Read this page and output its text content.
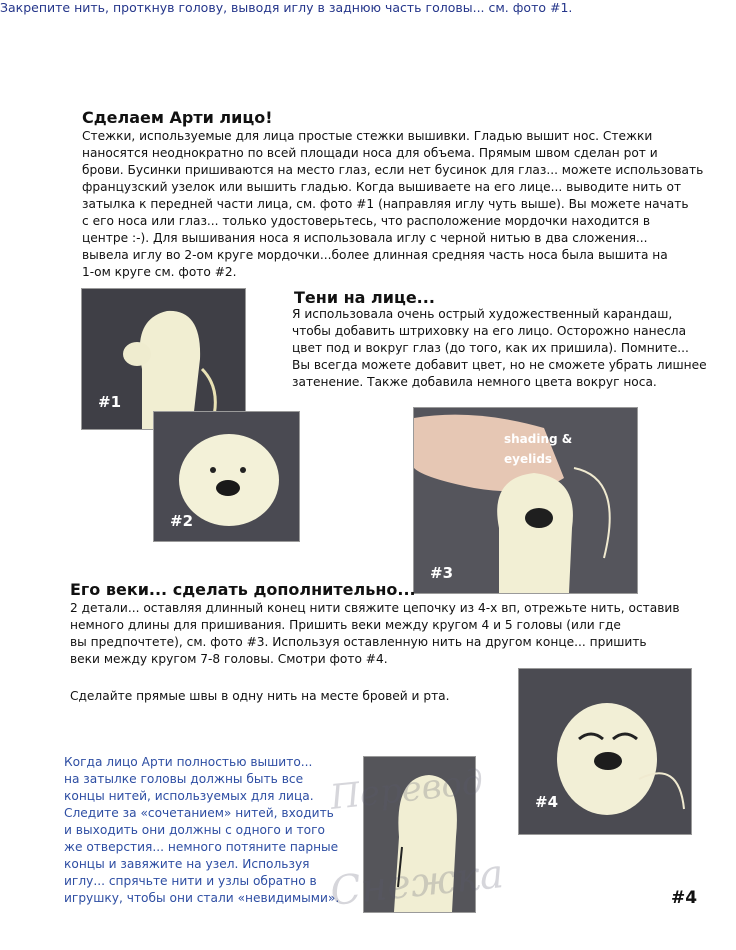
Закрепите нить, проткнув голову, выводя иглу в заднюю часть головы... см. фото #1.
Сделаем Арти лицо!
Стежки, используемые для лица простые стежки вышивки. Гладью вышит нос. Стежки
наносятся неоднократно по всей площади носа для объема. Прямым швом сделан рот и
брови. Бусинки пришиваются на место глаз, если нет бусинок для глаз... можете использовать
французский узелок или вышить гладью. Когда вышиваете на его лице... выводите нить от
затылка к передней части лица, см. фото #1 (направляя иглу чуть выше). Вы можете начать
с его носа или глаз... только удостоверьтесь, что расположение мордочки находится в
центре :-). Для вышивания носа я использовала иглу с черной нитью в два сложения...
вывела иглу во 2-ом круге мордочки...более длинная средняя часть носа была вышита на
1-ом круге см. фото #2.
#1
Тени на лице...
Я использовала очень острый художественный карандаш,
чтобы добавить штриховку на его лицо. Осторожно нанесла
цвет под и вокруг глаз (до того, как их пришила). Помните...
Вы всегда можете добавит цвет, но не сможете убрать лишнее
затенение. Также добавила немного цвета вокруг носа.
#2
shading &
eyelids
#3
Его веки... сделать дополнительно...
2 детали... оставляя длинный конец нити свяжите цепочку из 4-х вп, отрежьте нить, оставив
немного длины для пришивания. Пришить веки между кругом 4 и 5 головы (или где
вы предпочтете), см. фото #3. Используя оставленную нить на другом конце... пришить
веки между кругом 7-8 головы. Смотри фото #4.
Сделайте прямые швы в одну нить на месте бровей и рта.
#4
Когда лицо Арти полностью вышито...
на затылке головы должны быть все
концы нитей, используемых для лица.
Следите за «сочетанием» нитей, входить
и выходить они должны с одного и того
же отверстия... немного потяните парные
концы и завяжите на узел. Используя
иглу... спрячьте нити и узлы обратно в
игрушку, чтобы они стали «невидимыми».
Перевод
Снежка	#4
